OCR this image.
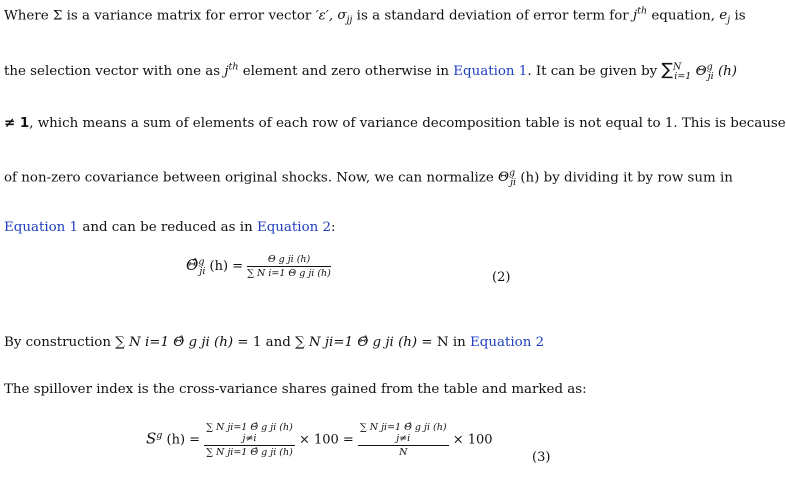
Where Σ is a variance matrix for error vector ′ε′, $\sigma_{jj}$ is a standard deviation of error term for $j^{th}$ equation, $e_j$ is
the selection vector with one as $j^{th}$ element and zero otherwise in Equation 1. It can be given by ∑$^N_{i=1}$ $\Theta^g_{ji}$ (h)
≠ 1, which means a sum of elements of each row of variance decomposition table is not equal to 1. This is because
of non-zero covariance between original shocks. Now, we can normalize $\Theta^g_{ji}$ (h) by dividing it by row sum in
Equation 1 and can be reduced as in Equation 2:
Θ̂$^g_{ji}$ $(h) = \frac{\text{Θ g ji (h)}}{\text{∑ N i=1 Θ g ji (h)}}$	(2)
By construction ∑ N i=1 Θ̂ g ji (h) = 1 and ∑ N ji=1 Θ̂ g ji (h) = N in Equation 2
The spillover index is the cross-variance shares gained from the table and marked as:
$S^g$ (h) =
∑ N ji=1 Θ̂ g ji (h)
j≠i
∑ N ji=1 Θ̂ g ji (h)
× 100 =
∑ N ji=1 Θ̂ g ji (h)
j≠i
N
× 100
(3)
